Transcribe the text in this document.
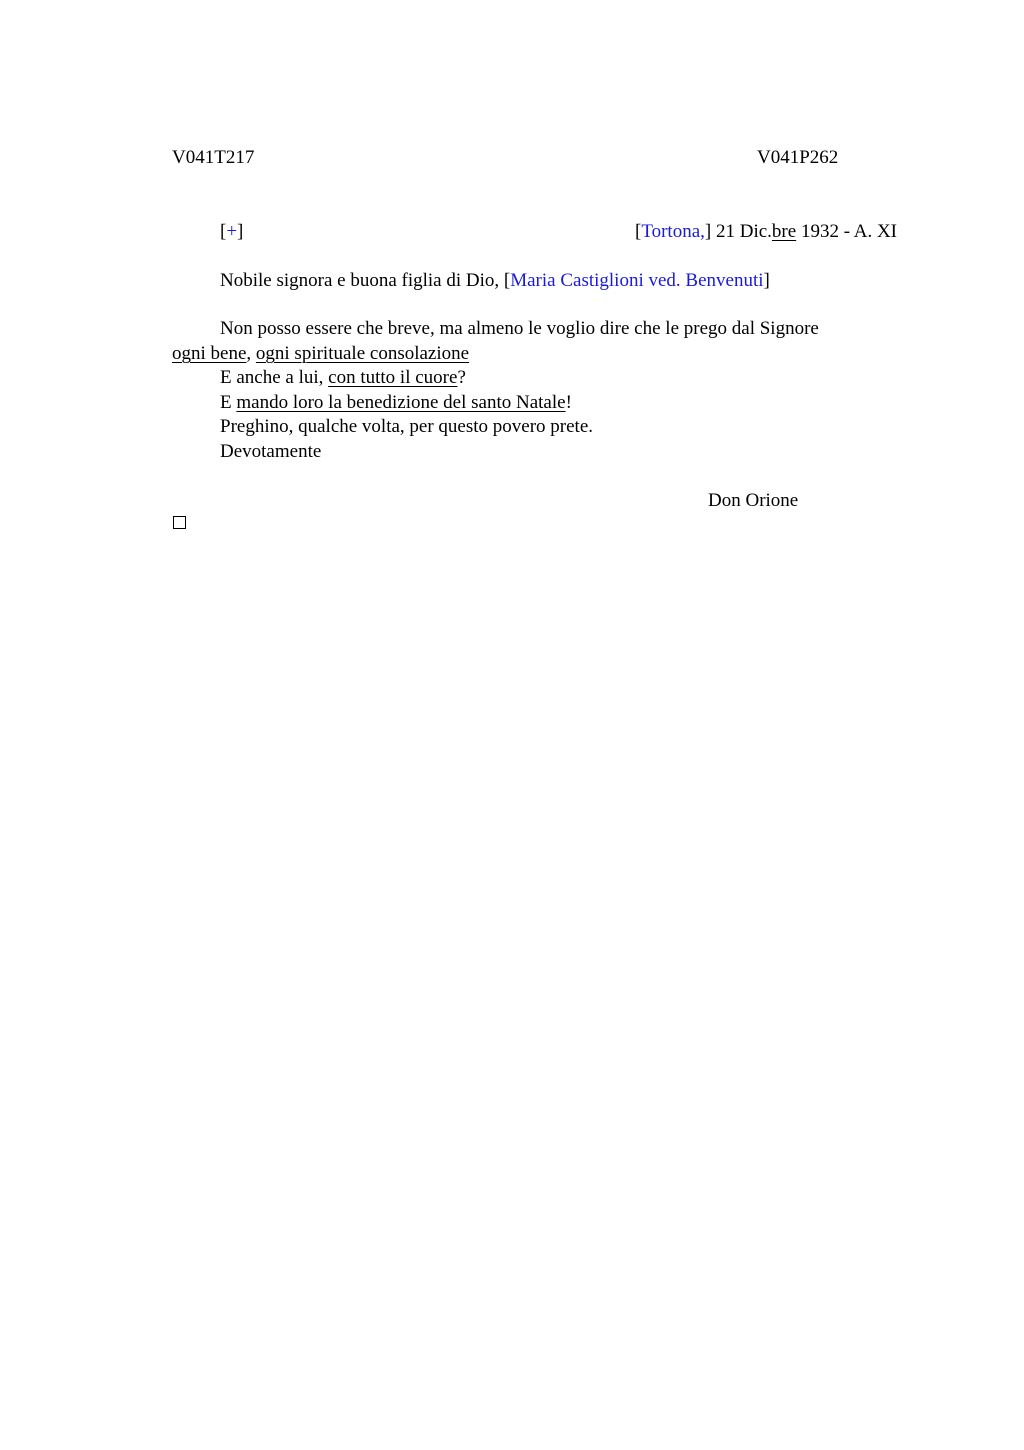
V041T217	V041P262
[+]	[Tortona,] 21 Dic.bre 1932 - A. XI
Nobile signora e buona figlia di Dio, [Maria Castiglioni ved. Benvenuti]
Non posso essere che breve, ma almeno le voglio dire che le prego dal Signore
ogni bene, ogni spirituale consolazione
E anche a lui, con tutto il cuore?
E mando loro la benedizione del santo Natale!
Preghino, qualche volta, per questo povero prete.
Devotamente
Don Orione
